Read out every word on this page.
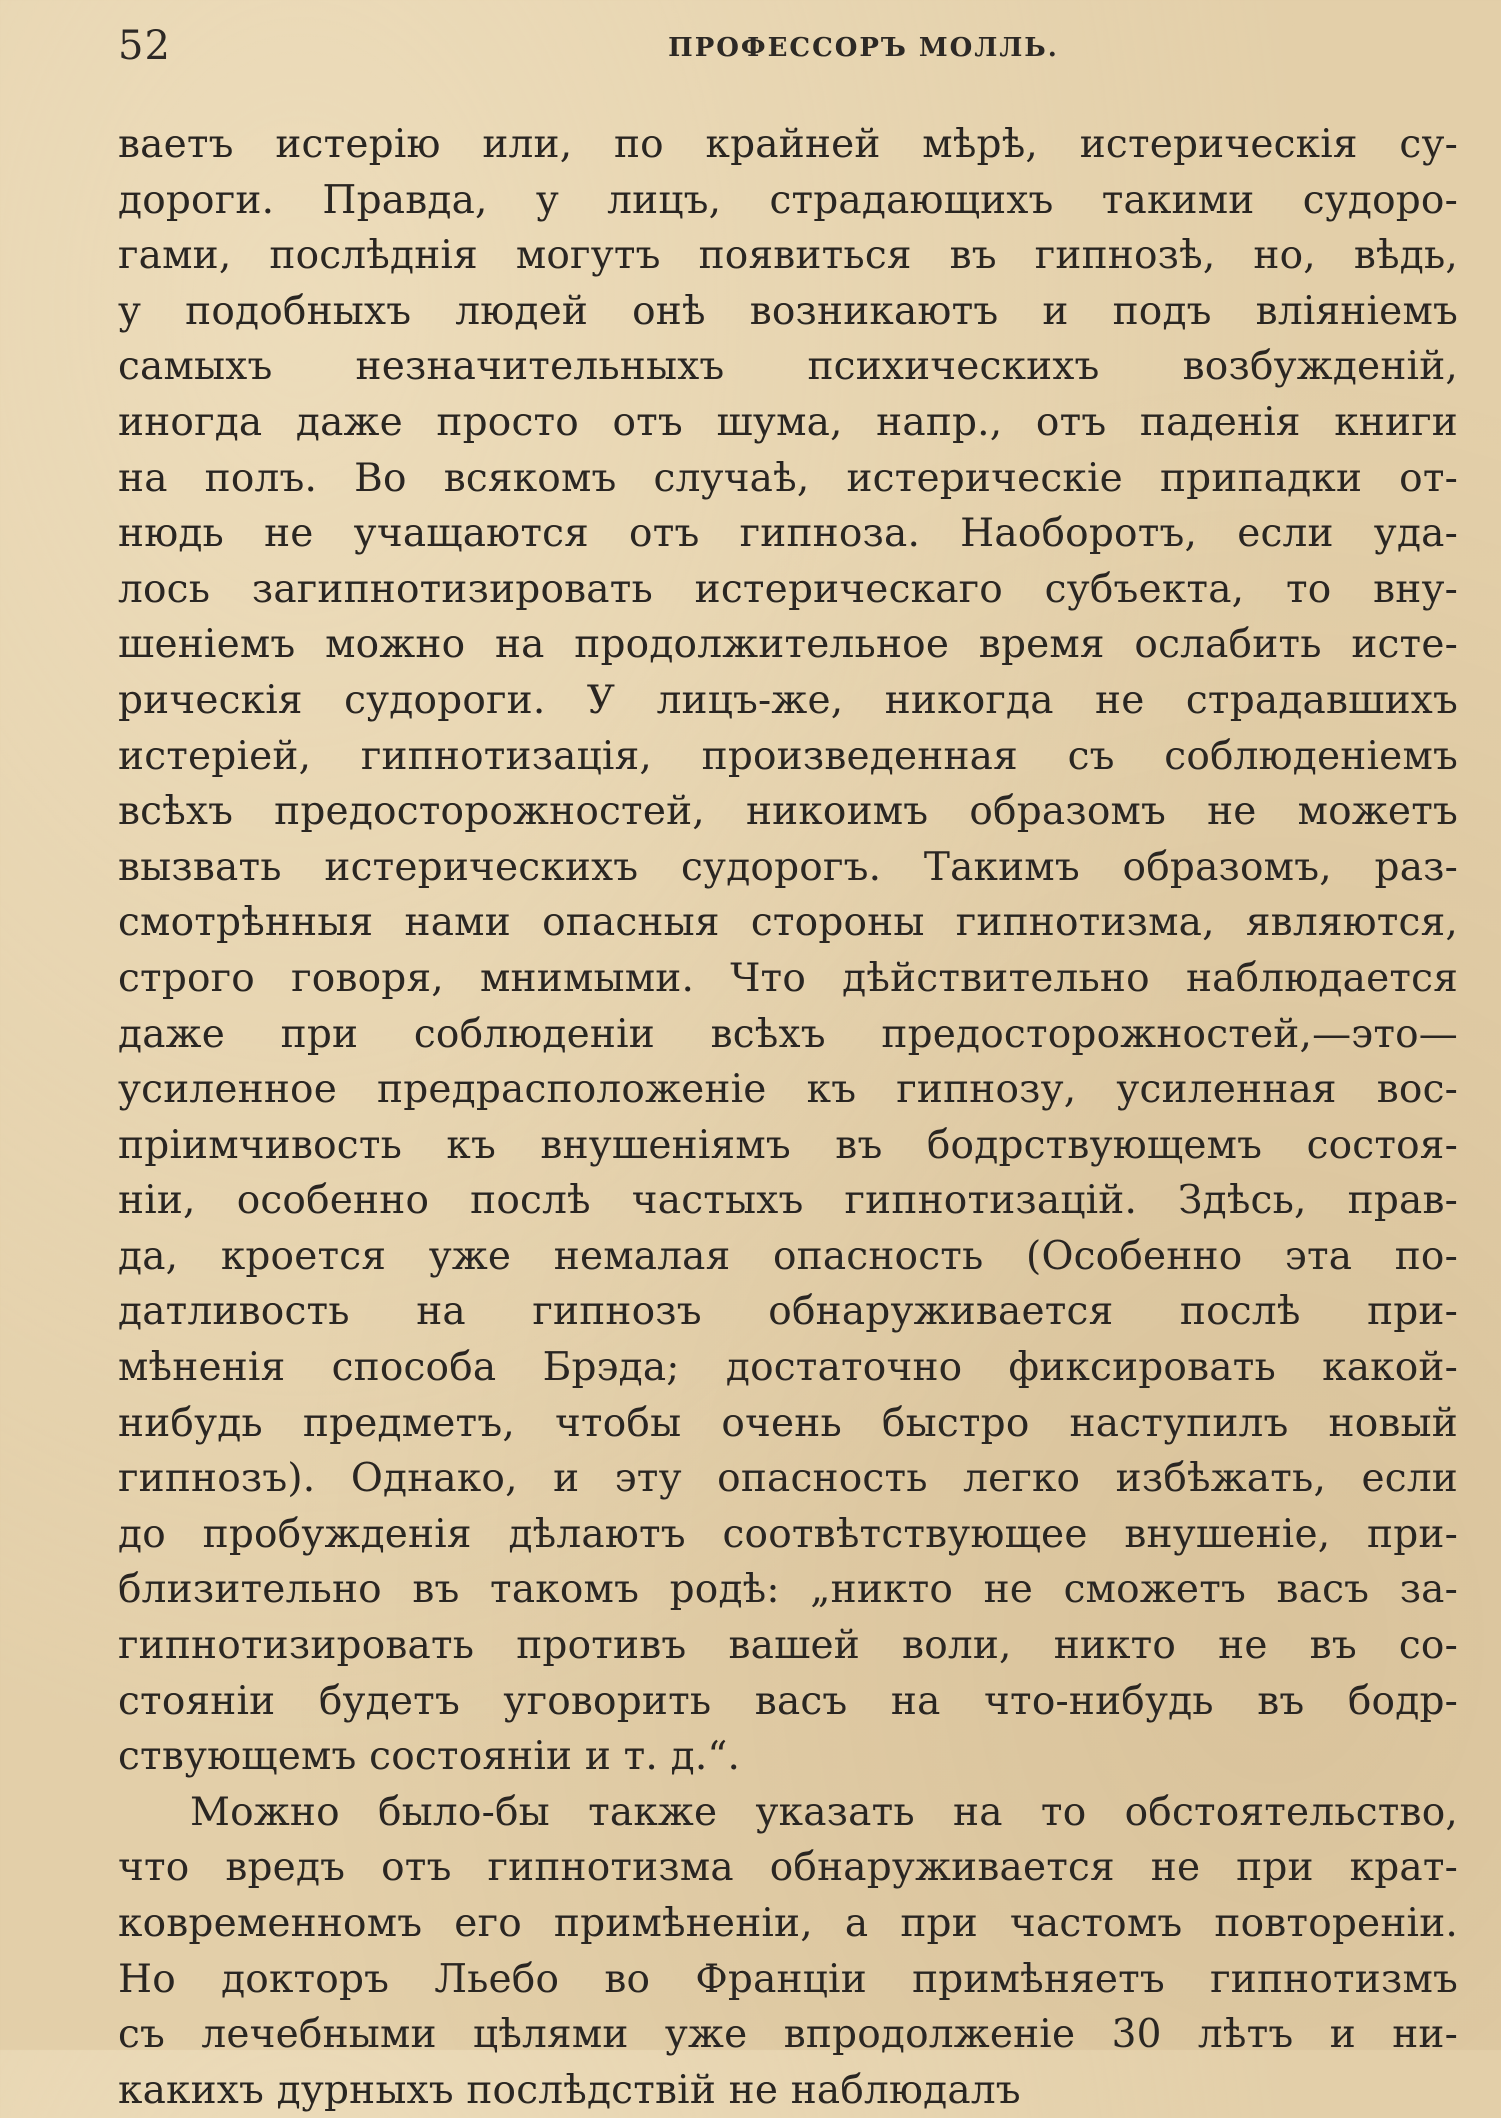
52	ПРОФЕССОРЪ МОЛЛЬ.
ваетъ истерію или, по крайней мѣрѣ, истерическія су-
дороги. Правда, у лицъ, страдающихъ такими судоро-
гами, послѣднія могутъ появиться въ гипнозѣ, но, вѣдь,
у подобныхъ людей онѣ возникаютъ и подъ вліяніемъ
самыхъ незначительныхъ психическихъ возбужденій,
иногда даже просто отъ шума, напр., отъ паденія книги
на полъ. Во всякомъ случаѣ, истерическіе припадки от-
нюдь не учащаются отъ гипноза. Наоборотъ, если уда-
лось загипнотизировать истерическаго субъекта, то вну-
шеніемъ можно на продолжительное время ослабить исте-
рическія судороги. У лицъ-же, никогда не страдавшихъ
истеріей, гипнотизація, произведенная съ соблюденіемъ
всѣхъ предосторожностей, никоимъ образомъ не можетъ
вызвать истерическихъ судорогъ. Такимъ образомъ, раз-
смотрѣнныя нами опасныя стороны гипнотизма, являются,
строго говоря, мнимыми. Что дѣйствительно наблюдается
даже при соблюденіи всѣхъ предосторожностей,—это—
усиленное предрасположеніе къ гипнозу, усиленная вос-
пріимчивость къ внушеніямъ въ бодрствующемъ состоя-
ніи, особенно послѣ частыхъ гипнотизацій. Здѣсь, прав-
да, кроется уже немалая опасность (Особенно эта по-
датливость на гипнозъ обнаруживается послѣ при-
мѣненія способа Брэда; достаточно фиксировать какой-
нибудь предметъ, чтобы очень быстро наступилъ новый
гипнозъ). Однако, и эту опасность легко избѣжать, если
до пробужденія дѣлаютъ соотвѣтствующее внушеніе, при-
близительно въ такомъ родѣ: „никто не сможетъ васъ за-
гипнотизировать противъ вашей воли, никто не въ со-
стояніи будетъ уговорить васъ на что-нибудь въ бодр-
ствующемъ состояніи и т. д.“.
Можно было-бы также указать на то обстоятельство,
что вредъ отъ гипнотизма обнаруживается не при крат-
ковременномъ его примѣненіи, а при частомъ повтореніи.
Но докторъ Льебо во Франціи примѣняетъ гипнотизмъ
съ лечебными цѣлями уже впродолженіе 30 лѣтъ и ни-
какихъ дурныхъ послѣдствій не наблюдалъ
